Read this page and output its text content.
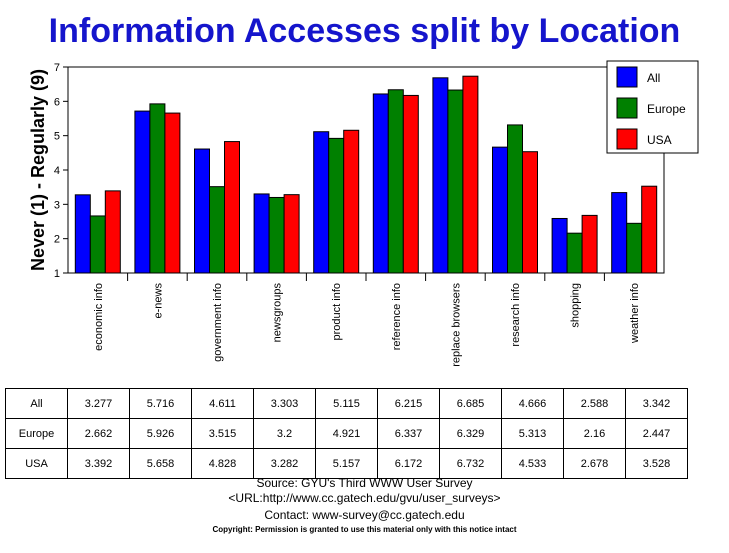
Information Accesses split by Location
1
2
3
4
5
6
7
Never (1) - Regularly (9)
economic info	e-news	government info	newsgroups	product info	reference info	replace browsers	research info	shopping	weather info
All
Europe
USA
All	3.277	5.716	4.611	3.303	5.115	6.215	6.685	4.666	2.588	3.342
Europe	2.662	5.926	3.515	3.2	4.921	6.337	6.329	5.313	2.16	2.447
USA	3.392	5.658	4.828	3.282	5.157	6.172	6.732	4.533	2.678	3.528
Source: GYU's Third WWW User Survey
<URL:http://www.cc.gatech.edu/gvu/user_surveys>
Contact: www-survey@cc.gatech.edu
Copyright: Permission is granted to use this material only with this notice intact
